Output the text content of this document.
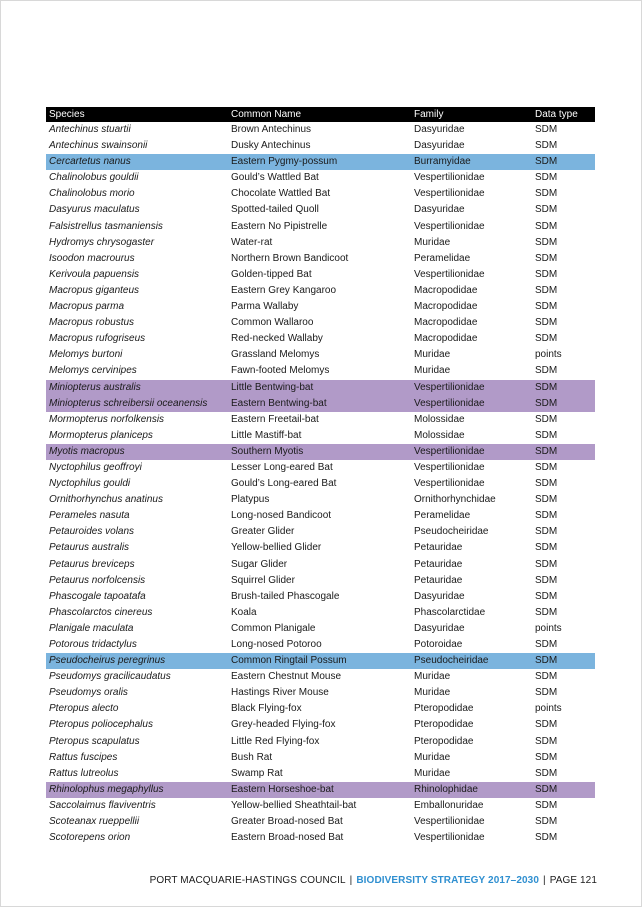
Species	Common Name	Family	Data type
Antechinus stuartii	Brown Antechinus	Dasyuridae	SDM
Antechinus swainsonii	Dusky Antechinus	Dasyuridae	SDM
Cercartetus nanus	Eastern Pygmy-possum	Burramyidae	SDM
Chalinolobus gouldii	Gould’s Wattled Bat	Vespertilionidae	SDM
Chalinolobus morio	Chocolate Wattled Bat	Vespertilionidae	SDM
Dasyurus maculatus	Spotted-tailed Quoll	Dasyuridae	SDM
Falsistrellus tasmaniensis	Eastern No Pipistrelle	Vespertilionidae	SDM
Hydromys chrysogaster	Water-rat	Muridae	SDM
Isoodon macrourus	Northern Brown Bandicoot	Peramelidae	SDM
Kerivoula papuensis	Golden-tipped Bat	Vespertilionidae	SDM
Macropus giganteus	Eastern Grey Kangaroo	Macropodidae	SDM
Macropus parma	Parma Wallaby	Macropodidae	SDM
Macropus robustus	Common Wallaroo	Macropodidae	SDM
Macropus rufogriseus	Red-necked Wallaby	Macropodidae	SDM
Melomys burtoni	Grassland Melomys	Muridae	points
Melomys cervinipes	Fawn-footed Melomys	Muridae	SDM
Miniopterus australis	Little Bentwing-bat	Vespertilionidae	SDM
Miniopterus schreibersii oceanensis	Eastern Bentwing-bat	Vespertilionidae	SDM
Mormopterus norfolkensis	Eastern Freetail-bat	Molossidae	SDM
Mormopterus planiceps	Little Mastiff-bat	Molossidae	SDM
Myotis macropus	Southern Myotis	Vespertilionidae	SDM
Nyctophilus geoffroyi	Lesser Long-eared Bat	Vespertilionidae	SDM
Nyctophilus gouldi	Gould’s Long-eared Bat	Vespertilionidae	SDM
Ornithorhynchus anatinus	Platypus	Ornithorhynchidae	SDM
Perameles nasuta	Long-nosed Bandicoot	Peramelidae	SDM
Petauroides volans	Greater Glider	Pseudocheiridae	SDM
Petaurus australis	Yellow-bellied Glider	Petauridae	SDM
Petaurus breviceps	Sugar Glider	Petauridae	SDM
Petaurus norfolcensis	Squirrel Glider	Petauridae	SDM
Phascogale tapoatafa	Brush-tailed Phascogale	Dasyuridae	SDM
Phascolarctos cinereus	Koala	Phascolarctidae	SDM
Planigale maculata	Common Planigale	Dasyuridae	points
Potorous tridactylus	Long-nosed Potoroo	Potoroidae	SDM
Pseudocheirus peregrinus	Common Ringtail Possum	Pseudocheiridae	SDM
Pseudomys gracilicaudatus	Eastern Chestnut Mouse	Muridae	SDM
Pseudomys oralis	Hastings River Mouse	Muridae	SDM
Pteropus alecto	Black Flying-fox	Pteropodidae	points
Pteropus poliocephalus	Grey-headed Flying-fox	Pteropodidae	SDM
Pteropus scapulatus	Little Red Flying-fox	Pteropodidae	SDM
Rattus fuscipes	Bush Rat	Muridae	SDM
Rattus lutreolus	Swamp Rat	Muridae	SDM
Rhinolophus megaphyllus	Eastern Horseshoe-bat	Rhinolophidae	SDM
Saccolaimus flaviventris	Yellow-bellied Sheathtail-bat	Emballonuridae	SDM
Scoteanax rueppellii	Greater Broad-nosed Bat	Vespertilionidae	SDM
Scotorepens orion	Eastern Broad-nosed Bat	Vespertilionidae	SDM
PORT MACQUARIE-HASTINGS COUNCIL | BIODIVERSITY STRATEGY 2017–2030 | PAGE 121
